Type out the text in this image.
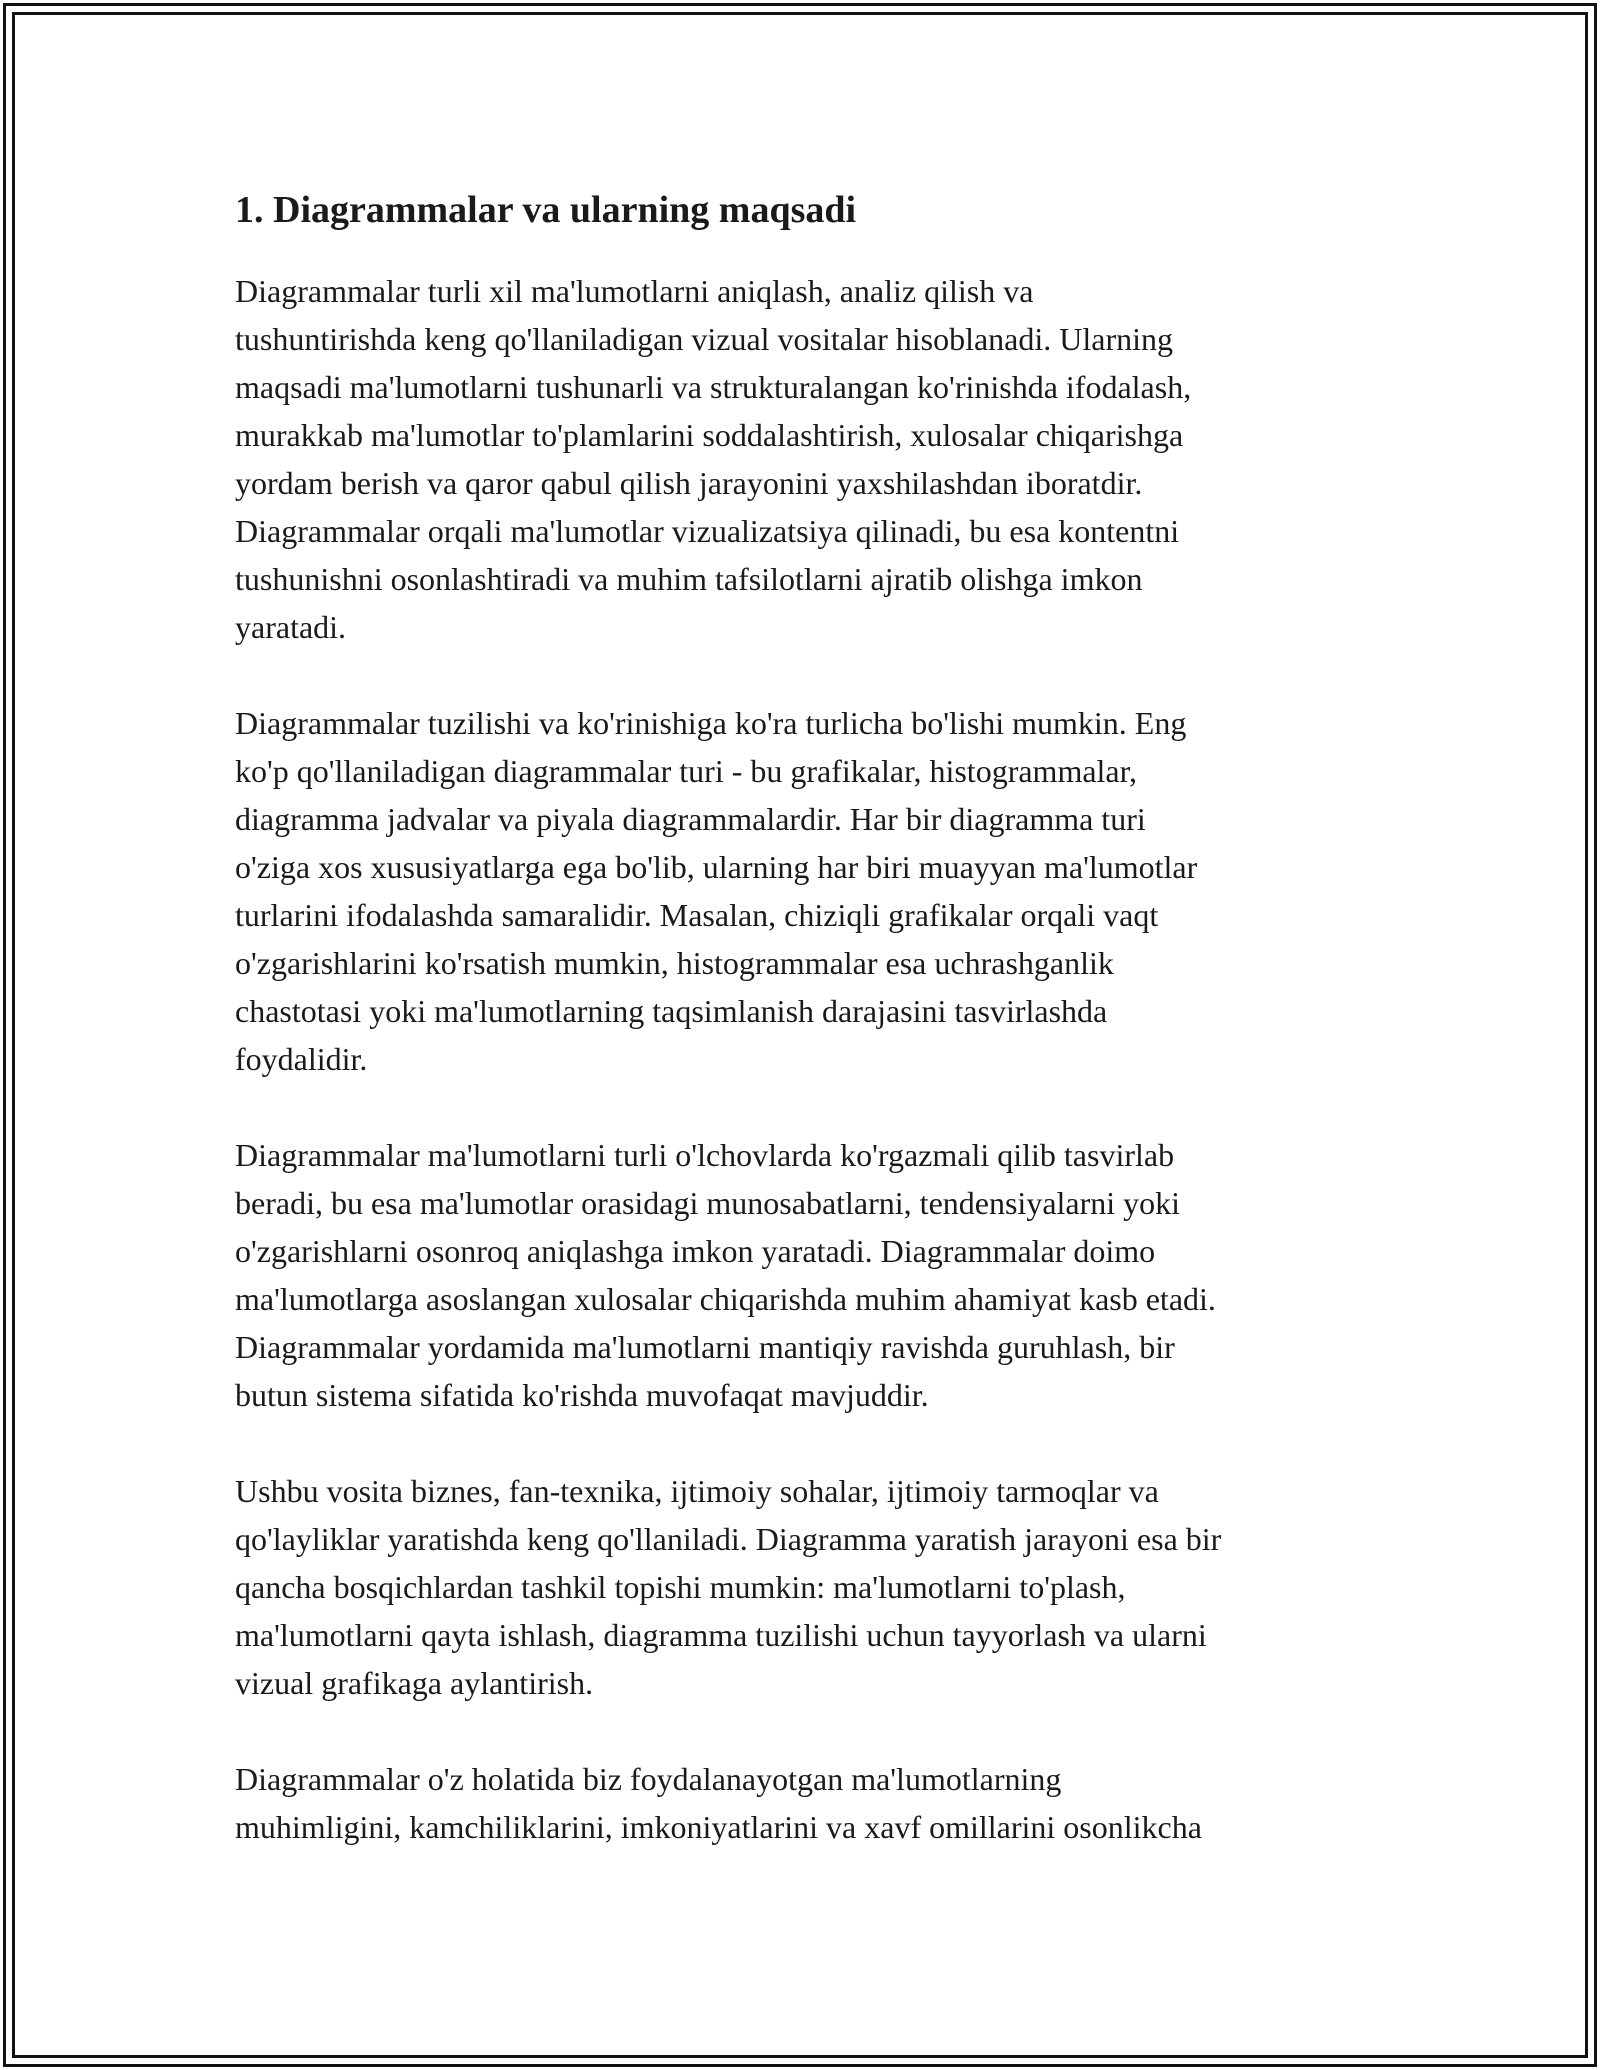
1. Diagrammalar va ularning maqsadi

Diagrammalar turli xil ma'lumotlarni aniqlash, analiz qilish va
tushuntirishda keng qo'llaniladigan vizual vositalar hisoblanadi. Ularning
maqsadi ma'lumotlarni tushunarli va strukturalangan ko'rinishda ifodalash,
murakkab ma'lumotlar to'plamlarini soddalashtirish, xulosalar chiqarishga
yordam berish va qaror qabul qilish jarayonini yaxshilashdan iboratdir.
Diagrammalar orqali ma'lumotlar vizualizatsiya qilinadi, bu esa kontentni
tushunishni osonlashtiradi va muhim tafsilotlarni ajratib olishga imkon
yaratadi.

Diagrammalar tuzilishi va ko'rinishiga ko'ra turlicha bo'lishi mumkin. Eng
ko'p qo'llaniladigan diagrammalar turi - bu grafikalar, histogrammalar,
diagramma jadvalar va piyala diagrammalardir. Har bir diagramma turi
o'ziga xos xususiyatlarga ega bo'lib, ularning har biri muayyan ma'lumotlar
turlarini ifodalashda samaralidir. Masalan, chiziqli grafikalar orqali vaqt
o'zgarishlarini ko'rsatish mumkin, histogrammalar esa uchrashganlik
chastotasi yoki ma'lumotlarning taqsimlanish darajasini tasvirlashda
foydalidir.

Diagrammalar ma'lumotlarni turli o'lchovlarda ko'rgazmali qilib tasvirlab
beradi, bu esa ma'lumotlar orasidagi munosabatlarni, tendensiyalarni yoki
o'zgarishlarni osonroq aniqlashga imkon yaratadi. Diagrammalar doimo
ma'lumotlarga asoslangan xulosalar chiqarishda muhim ahamiyat kasb etadi.
Diagrammalar yordamida ma'lumotlarni mantiqiy ravishda guruhlash, bir
butun sistema sifatida ko'rishda muvofaqat mavjuddir.

Ushbu vosita biznes, fan-texnika, ijtimoiy sohalar, ijtimoiy tarmoqlar va
qo'layliklar yaratishda keng qo'llaniladi. Diagramma yaratish jarayoni esa bir
qancha bosqichlardan tashkil topishi mumkin: ma'lumotlarni to'plash,
ma'lumotlarni qayta ishlash, diagramma tuzilishi uchun tayyorlash va ularni
vizual grafikaga aylantirish.

Diagrammalar o'z holatida biz foydalanayotgan ma'lumotlarning
muhimligini, kamchiliklarini, imkoniyatlarini va xavf omillarini osonlikcha
